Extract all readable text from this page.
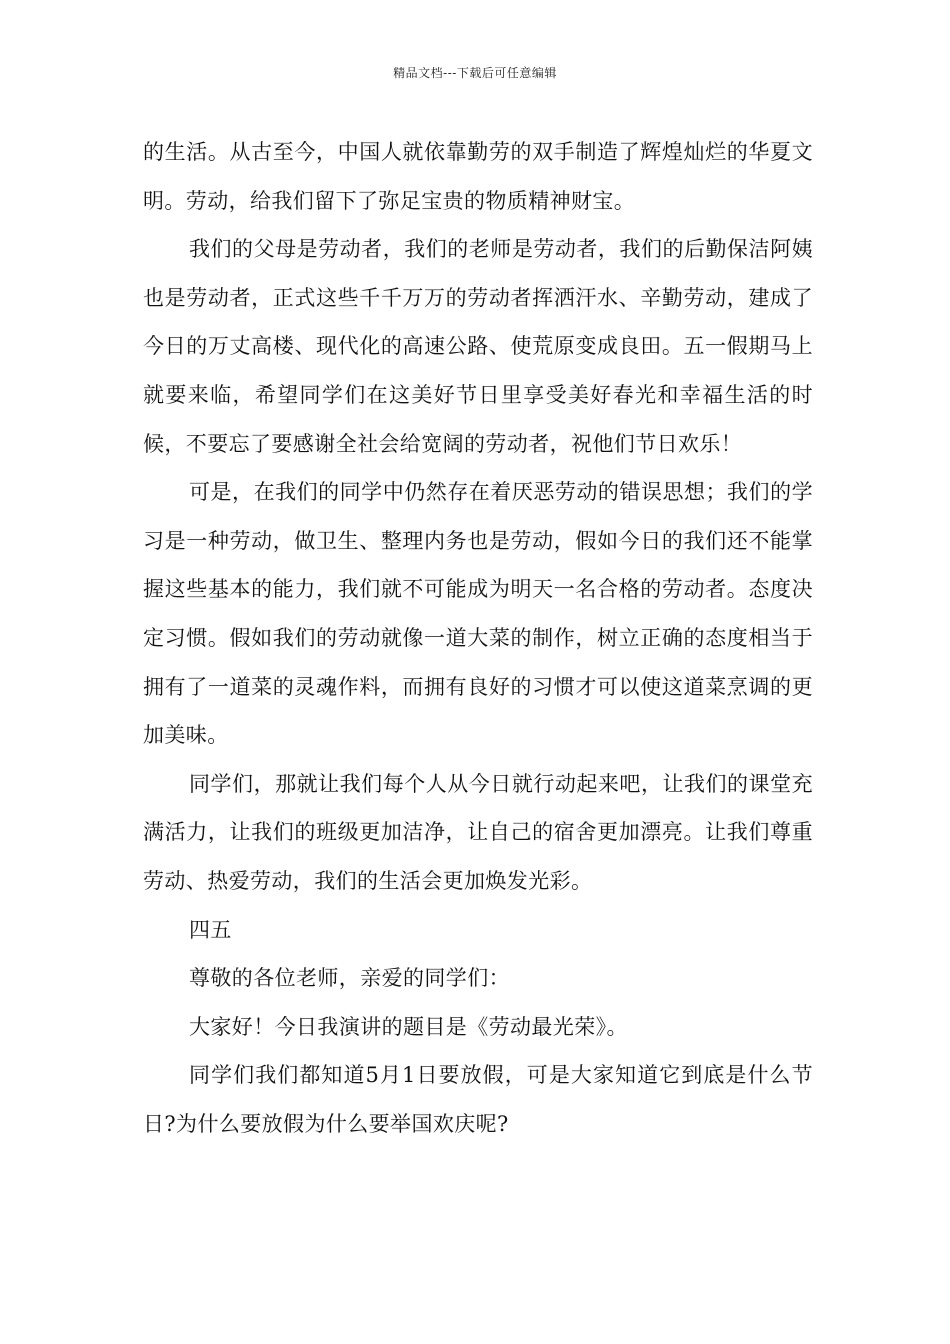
精品文档---下载后可任意编辑

的生活。从古至今，中国人就依靠勤劳的双手制造了辉煌灿烂的华夏文明。劳动，给我们留下了弥足宝贵的物质精神财宝。

我们的父母是劳动者，我们的老师是劳动者，我们的后勤保洁阿姨也是劳动者，正式这些千千万万的劳动者挥洒汗水、辛勤劳动，建成了今日的万丈高楼、现代化的高速公路、使荒原变成良田。五一假期马上就要来临，希望同学们在这美好节日里享受美好春光和幸福生活的时候，不要忘了要感谢全社会给宽阔的劳动者，祝他们节日欢乐！

可是，在我们的同学中仍然存在着厌恶劳动的错误思想；我们的学习是一种劳动，做卫生、整理内务也是劳动，假如今日的我们还不能掌握这些基本的能力，我们就不可能成为明天一名合格的劳动者。态度决定习惯。假如我们的劳动就像一道大菜的制作，树立正确的态度相当于拥有了一道菜的灵魂作料，而拥有良好的习惯才可以使这道菜烹调的更加美味。

同学们，那就让我们每个人从今日就行动起来吧，让我们的课堂充满活力，让我们的班级更加洁净，让自己的宿舍更加漂亮。让我们尊重劳动、热爱劳动，我们的生活会更加焕发光彩。

四五

尊敬的各位老师，亲爱的同学们：

大家好！今日我演讲的题目是《劳动最光荣》。

同学们我们都知道5月1日要放假，可是大家知道它到底是什么节日?为什么要放假为什么要举国欢庆呢?
